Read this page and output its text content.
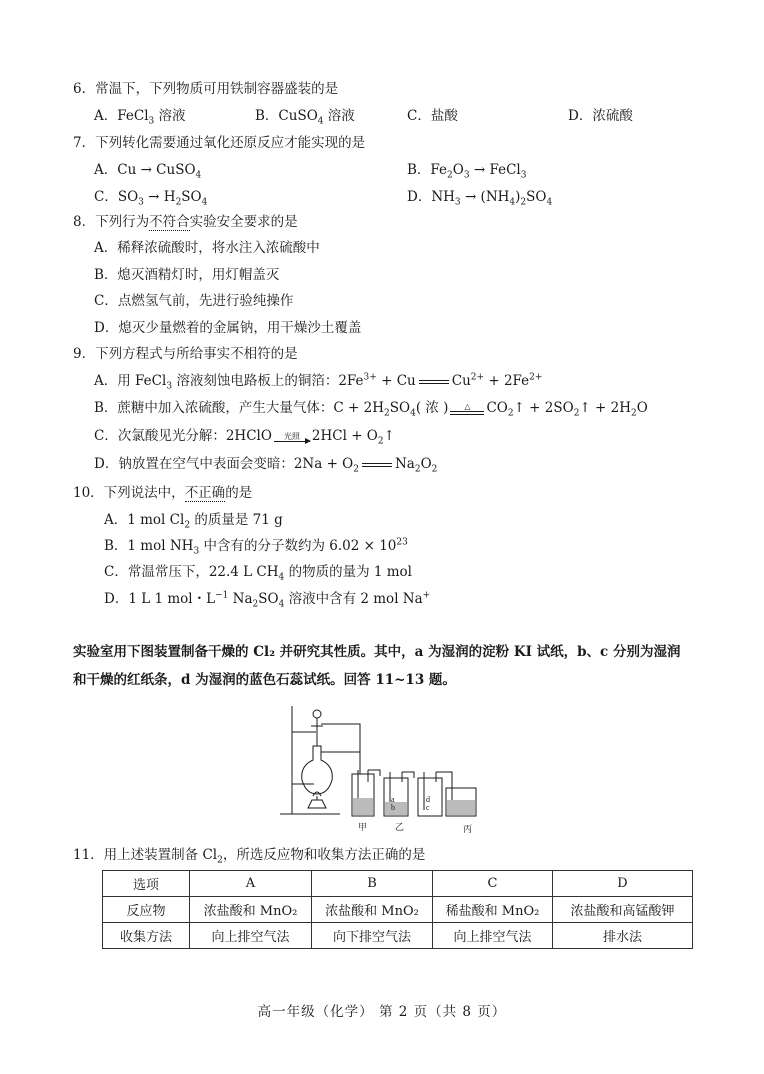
6．常温下，下列物质可用铁制容器盛装的是
A．FeCl$_3$ 溶液	B．CuSO$_4$ 溶液	C．盐酸	D．浓硫酸
7．下列转化需要通过氧化还原反应才能实现的是
A．Cu → CuSO$_4$	B．$Fe_2O_3$ → FeCl$_3$
C．$SO_3 \to H_2SO_4$	D．$NH_3 \to (NH_4)_2SO_4$
8．下列行为不符合实验安全要求的是
A．稀释浓硫酸时，将水注入浓硫酸中
B．熄灭酒精灯时，用灯帽盖灭
C．点燃氢气前，先进行验纯操作
D．熄灭少量燃着的金属钠，用干燥沙土覆盖
9．下列方程式与所给事实不相符的是
A．用 FeCl$_3$ 溶液刻蚀电路板上的铜箔：$2Fe^{3+} + Cu$	$Cu^{2+} + 2Fe^{2+}$
B．蔗糖中加入浓硫酸，产生大量气体：$C + 2H_2SO_4$( 浓 ) △ $CO_2↑$ + $2SO_2↑ + 2H_2O$
C．次氯酸见光分解：2HClO 光照 $2HCl + O_2↑$
D．钠放置在空气中表面会变暗：$2Na + O_2$	$Na_2O_2$
10．下列说法中，不正确的是
A．1 mol $Cl_2$ 的质量是 71 g
B．1 mol $NH_3$ 中含有的分子数约为 $6.02 \times 10^{23}$
C．常温常压下，22.4 L $CH_4$ 的物质的量为 1 mol
D．1 L 1 mol・$L^{-1}$ $Na_2SO_4$ 溶液中含有 2 mol Na+
实验室用下图装置制备干燥的 Cl₂ 并研究其性质。其中，a 为湿润的淀粉 KI 试纸，b、c 分别为湿润和干燥的红纸条，d 为湿润的蓝色石蕊试纸。回答 11~13 题。
a
b
d
c
甲	乙	丙
11．用上述装置制备 $Cl_2$，所选反应物和收集方法正确的是
选项	A	B	C	D
反应物	浓盐酸和 MnO₂	浓盐酸和 MnO₂	稀盐酸和 MnO₂	浓盐酸和高锰酸钾
收集方法	向上排空气法	向下排空气法	向上排空气法	排水法
高一年级（化学） 第 2 页（共 8 页）
